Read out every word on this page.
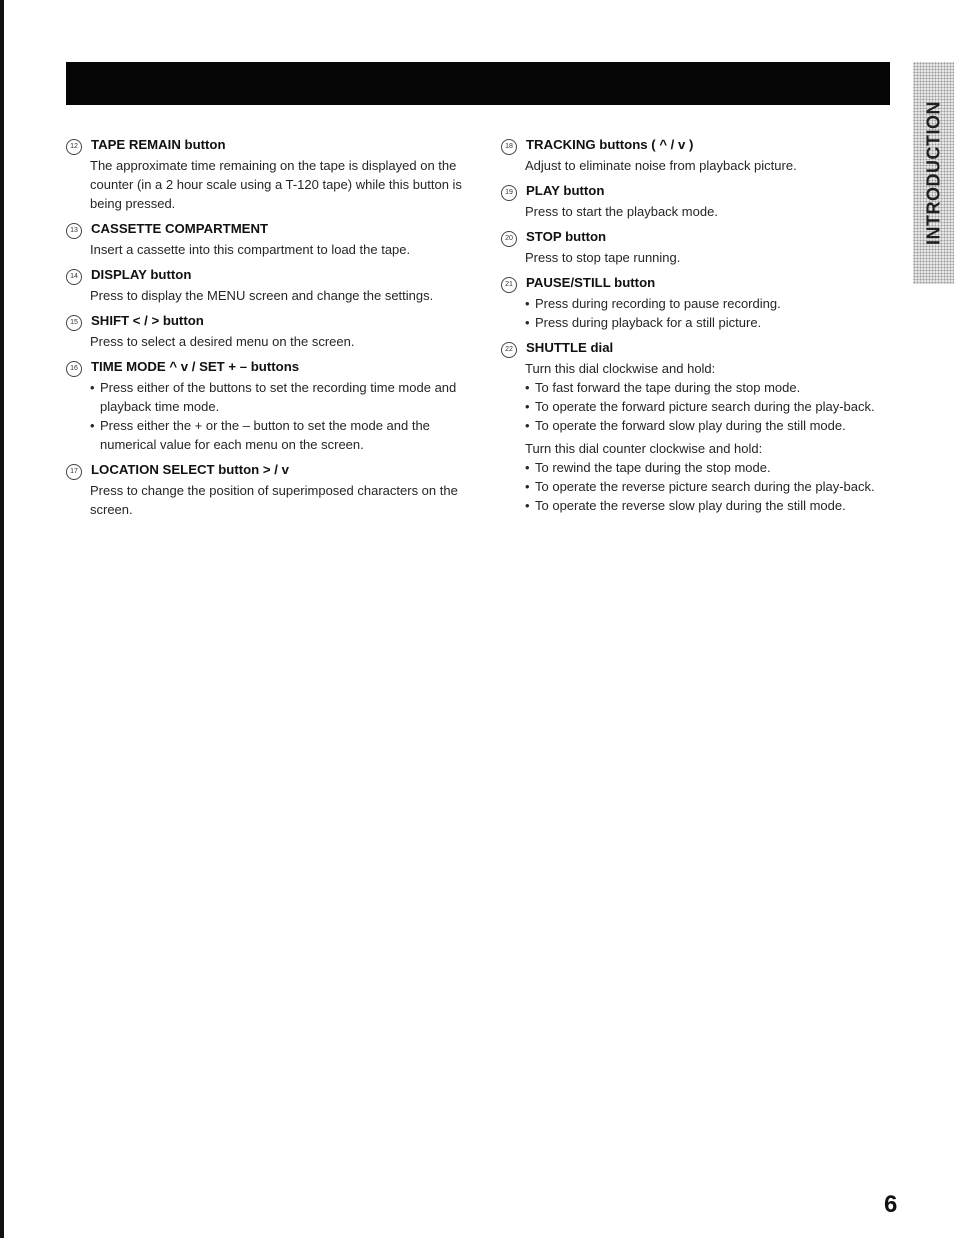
INTRODUCTION
12 TAPE REMAIN button
The approximate time remaining on the tape is displayed on the counter (in a 2 hour scale using a T-120 tape) while this button is being pressed.
13 CASSETTE COMPARTMENT
Insert a cassette into this compartment to load the tape.
14 DISPLAY button
Press to display the MENU screen and change the settings.
15 SHIFT < / > button
Press to select a desired menu on the screen.
16 TIME MODE ^ v / SET + – buttons
• Press either of the buttons to set the recording time mode and playback time mode.
• Press either the + or the – button to set the mode and the numerical value for each menu on the screen.
17 LOCATION SELECT button > / v
Press to change the position of superimposed characters on the screen.
18 TRACKING buttons ( ^ / v )
Adjust to eliminate noise from playback picture.
19 PLAY button
Press to start the playback mode.
20 STOP button
Press to stop tape running.
21 PAUSE/STILL button
• Press during recording to pause recording.
• Press during playback for a still picture.
22 SHUTTLE dial
Turn this dial clockwise and hold:
• To fast forward the tape during the stop mode.
• To operate the forward picture search during the play-back.
• To operate the forward slow play during the still mode.
Turn this dial counter clockwise and hold:
• To rewind the tape during the stop mode.
• To operate the reverse picture search during the play-back.
• To operate the reverse slow play during the still mode.
6
